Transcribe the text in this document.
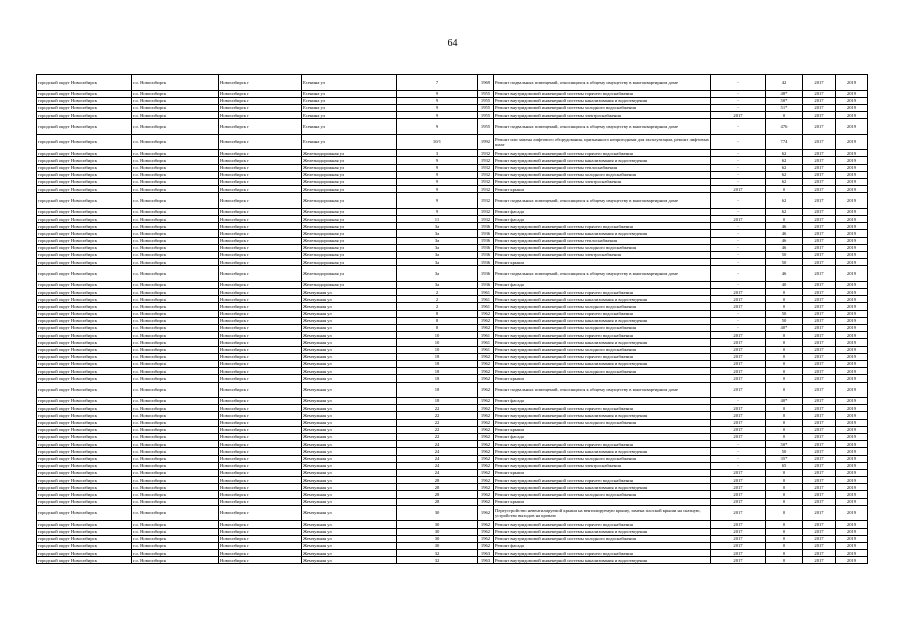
64
городской округ Новосибирск	г.о. Новосибирск	Новосибирск г	Есенина ул	7	1969	Ремонт подвальных помещений, относящихся к общему имуществу в многоквартирном доме	-	42	2017	2019
городской округ Новосибирск	г.о. Новосибирск	Новосибирск г	Есенина ул	9	1955	Ремонт внутридомовой инженерной системы горячего водоснабжения	-	48*	2017	2019
городской округ Новосибирск	г.о. Новосибирск	Новосибирск г	Есенина ул	9	1955	Ремонт внутридомовой инженерной системы канализования и водоотведения	-	50*	2017	2019
городской округ Новосибирск	г.о. Новосибирск	Новосибирск г	Есенина ул	9	1955	Ремонт внутридомовой инженерной системы холодного водоснабжения	-	51*	2017	2019
городской округ Новосибирск	г.о. Новосибирск	Новосибирск г	Есенина ул	9	1955	Ремонт внутридомовой инженерной системы электроснабжения	2017	0	2017	2019
городской округ Новосибирск	г.о. Новосибирск	Новосибирск г	Есенина ул	9	1955	Ремонт подвальных помещений, относящихся к общему имуществу в многоквартирном доме	-	476	2017	2019
городской округ Новосибирск	г.о. Новосибирск	Новосибирск г	Есенина ул	10/1	1992	Ремонт или замена лифтового оборудования, признанного непригодным для эксплуатации, ремонт лифтовых шахт	-	774	2017	2019
городской округ Новосибирск	г.о. Новосибирск	Новосибирск г	Железнодорожная ул	3	1932	Ремонт внутридомовой инженерной системы горячего водоснабжения	-	62	2017	2019
городской округ Новосибирск	г.о. Новосибирск	Новосибирск г	Железнодорожная ул	9	1932	Ремонт внутридомовой инженерной системы канализования и водоотведения	-	62	2017	2019
городской округ Новосибирск	г.о. Новосибирск	Новосибирск г	Железнодорожная ул	9	1932	Ремонт внутридомовой инженерной системы теплоснабжения	-	62	2017	2019
городской округ Новосибирск	г.о. Новосибирск	Новосибирск г	Железнодорожная ул	9	1932	Ремонт внутридомовой инженерной системы холодного водоснабжения	-	62	2017	2019
городской округ Новосибирск	г.о. Новосибирск	Новосибирск г	Железнодорожная ул	9	1932	Ремонт внутридомовой инженерной системы электроснабжения	-	62	2017	2019
городской округ Новосибирск	г.о. Новосибирск	Новосибирск г	Железнодорожная ул	9	1932	Ремонт крыши	2017	0	2017	2019
городской округ Новосибирск	г.о. Новосибирск	Новосибирск г	Железнодорожная ул	9	1932	Ремонт подвальных помещений, относящихся к общему имуществу в многоквартирном доме	-	62	2017	2019
городской округ Новосибирск	г.о. Новосибирск	Новосибирск г	Железнодорожная ул	9	1932	Ремонт фасада	-	62	2017	2019
городской округ Новосибирск	г.о. Новосибирск	Новосибирск г	Железнодорожная ул	11	1932	Ремонт фасада	2017	0	2017	2019
городской округ Новосибирск	г.о. Новосибирск	Новосибирск г	Железнодорожная ул	3а	1936	Ремонт внутридомовой инженерной системы горячего водоснабжения	-	46	2017	2019
городской округ Новосибирск	г.о. Новосибирск	Новосибирск г	Железнодорожная ул	3а	1936	Ремонт внутридомовой инженерной системы канализования и водоотведения	-	46	2017	2019
городской округ Новосибирск	г.о. Новосибирск	Новосибирск г	Железнодорожная ул	3а	1936	Ремонт внутридомовой инженерной системы теплоснабжения	-	46	2017	2019
городской округ Новосибирск	г.о. Новосибирск	Новосибирск г	Железнодорожная ул	3а	1936	Ремонт внутридомовой инженерной системы холодного водоснабжения	-	46	2017	2019
городской округ Новосибирск	г.о. Новосибирск	Новосибирск г	Железнодорожная ул	3а	1936	Ремонт внутридомовой инженерной системы электроснабжения	-	50	2017	2019
городской округ Новосибирск	г.о. Новосибирск	Новосибирск г	Железнодорожная ул	3а	1936	Ремонт крыши	-	50	2017	2019
городской округ Новосибирск	г.о. Новосибирск	Новосибирск г	Железнодорожная ул	3а	1936	Ремонт подвальных помещений, относящихся к общему имуществу в многоквартирном доме	-	46	2017	2019
городской округ Новосибирск	г.о. Новосибирск	Новосибирск г	Железнодорожная ул	3а	1936	Ремонт фасада	-	40	2017	2019
городской округ Новосибирск	г.о. Новосибирск	Новосибирск г	Жемчужная ул	2	1961	Ремонт внутридомовой инженерной системы горячего водоснабжения	2017	0	2017	2019
городской округ Новосибирск	г.о. Новосибирск	Новосибирск г	Жемчужная ул	2	1961	Ремонт внутридомовой инженерной системы канализования и водоотведения	2017	0	2017	2019
городской округ Новосибирск	г.о. Новосибирск	Новосибирск г	Жемчужная ул	2	1961	Ремонт внутридомовой инженерной системы холодного водоснабжения	2017	0	2017	2019
городской округ Новосибирск	г.о. Новосибирск	Новосибирск г	Жемчужная ул	8	1962	Ремонт внутридомовой инженерной системы горячего водоснабжения	-	50	2017	2019
городской округ Новосибирск	г.о. Новосибирск	Новосибирск г	Жемчужная ул	8	1962	Ремонт внутридомовой инженерной системы канализования и водоотведения	-	50	2017	2019
городской округ Новосибирск	г.о. Новосибирск	Новосибирск г	Жемчужная ул	8	1962	Ремонт внутридомовой инженерной системы холодного водоснабжения	-	40*	2017	2019
городской округ Новосибирск	г.о. Новосибирск	Новосибирск г	Жемчужная ул	10	1961	Ремонт внутридомовой инженерной системы горячего водоснабжения	2017	0	2017	2019
городской округ Новосибирск	г.о. Новосибирск	Новосибирск г	Жемчужная ул	10	1961	Ремонт внутридомовой инженерной системы канализования и водоотведения	2017	0	2017	2019
городской округ Новосибирск	г.о. Новосибирск	Новосибирск г	Жемчужная ул	10	1961	Ремонт внутридомовой инженерной системы холодного водоснабжения	2017	0	2017	2019
городской округ Новосибирск	г.о. Новосибирск	Новосибирск г	Жемчужная ул	18	1962	Ремонт внутридомовой инженерной системы горячего водоснабжения	2017	0	2017	2019
городской округ Новосибирск	г.о. Новосибирск	Новосибирск г	Жемчужная ул	18	1962	Ремонт внутридомовой инженерной системы канализования и водоотведения	2017	0	2017	2019
городской округ Новосибирск	г.о. Новосибирск	Новосибирск г	Жемчужная ул	18	1962	Ремонт внутридомовой инженерной системы холодного водоснабжения	2017	0	2017	2019
городской округ Новосибирск	г.о. Новосибирск	Новосибирск г	Жемчужная ул	18	1962	Ремонт крыши	2017	0	2017	2019
городской округ Новосибирск	г.о. Новосибирск	Новосибирск г	Жемчужная ул	18	1962	Ремонт подвальных помещений, относящихся к общему имуществу в многоквартирном доме	2017	0	2017	2019
городской округ Новосибирск	г.о. Новосибирск	Новосибирск г	Жемчужная ул	18	1962	Ремонт фасада	-	40*	2017	2019
городской округ Новосибирск	г.о. Новосибирск	Новосибирск г	Жемчужная ул	22	1962	Ремонт внутридомовой инженерной системы горячего водоснабжения	2017	0	2017	2019
городской округ Новосибирск	г.о. Новосибирск	Новосибирск г	Жемчужная ул	22	1962	Ремонт внутридомовой инженерной системы канализования и водоотведения	2017	0	2017	2019
городской округ Новосибирск	г.о. Новосибирск	Новосибирск г	Жемчужная ул	22	1962	Ремонт внутридомовой инженерной системы холодного водоснабжения	2017	0	2017	2019
городской округ Новосибирск	г.о. Новосибирск	Новосибирск г	Жемчужная ул	22	1962	Ремонт крыши	2017	0	2017	2019
городской округ Новосибирск	г.о. Новосибирск	Новосибирск г	Жемчужная ул	22	1962	Ремонт фасада	2017	0	2017	2019
городской округ Новосибирск	г.о. Новосибирск	Новосибирск г	Жемчужная ул	24	1962	Ремонт внутридомовой инженерной системы горячего водоснабжения	-	50*	2017	2019
городской округ Новосибирск	г.о. Новосибирск	Новосибирск г	Жемчужная ул	24	1962	Ремонт внутридомовой инженерной системы канализования и водоотведения	-	50	2017	2019
городской округ Новосибирск	г.о. Новосибирск	Новосибирск г	Жемчужная ул	24	1962	Ремонт внутридомовой инженерной системы холодного водоснабжения	-	35*	2017	2019
городской округ Новосибирск	г.о. Новосибирск	Новосибирск г	Жемчужная ул	24	1962	Ремонт внутридомовой инженерной системы электроснабжения	-	65	2017	2019
городской округ Новосибирск	г.о. Новосибирск	Новосибирск г	Жемчужная ул	24	1962	Ремонт крыши	2017	0	2017	2019
городской округ Новосибирск	г.о. Новосибирск	Новосибирск г	Жемчужная ул	28	1962	Ремонт внутридомовой инженерной системы горячего водоснабжения	2017	0	2017	2019
городской округ Новосибирск	г.о. Новосибирск	Новосибирск г	Жемчужная ул	28	1962	Ремонт внутридомовой инженерной системы канализования и водоотведения	2017	0	2017	2019
городской округ Новосибирск	г.о. Новосибирск	Новосибирск г	Жемчужная ул	28	1962	Ремонт внутридомовой инженерной системы холодного водоснабжения	2017	0	2017	2019
городской округ Новосибирск	г.о. Новосибирск	Новосибирск г	Жемчужная ул	28	1962	Ремонт крыши	2017	0	2017	2019
городской округ Новосибирск	г.о. Новосибирск	Новосибирск г	Жемчужная ул	30	1962	Переустройство невентилируемой крыши на вентилируемую крышу, замена плоской крыши на скатную, устройство выходов на кровлю	2017	0	2017	2019
городской округ Новосибирск	г.о. Новосибирск	Новосибирск г	Жемчужная ул	30	1962	Ремонт внутридомовой инженерной системы горячего водоснабжения	2017	0	2017	2019
городской округ Новосибирск	г.о. Новосибирск	Новосибирск г	Жемчужная ул	30	1962	Ремонт внутридомовой инженерной системы канализования и водоотведения	2017	0	2017	2019
городской округ Новосибирск	г.о. Новосибирск	Новосибирск г	Жемчужная ул	30	1962	Ремонт внутридомовой инженерной системы холодного водоснабжения	2017	0	2017	2019
городской округ Новосибирск	г.о. Новосибирск	Новосибирск г	Жемчужная ул	30	1962	Ремонт фасада	2017	0	2017	2019
городской округ Новосибирск	г.о. Новосибирск	Новосибирск г	Жемчужная ул	32	1963	Ремонт внутридомовой инженерной системы горячего водоснабжения	2017	0	2017	2019
городской округ Новосибирск	г.о. Новосибирск	Новосибирск г	Жемчужная ул	32	1963	Ремонт внутридомовой инженерной системы канализования и водоотведения	2017	0	2017	2019
